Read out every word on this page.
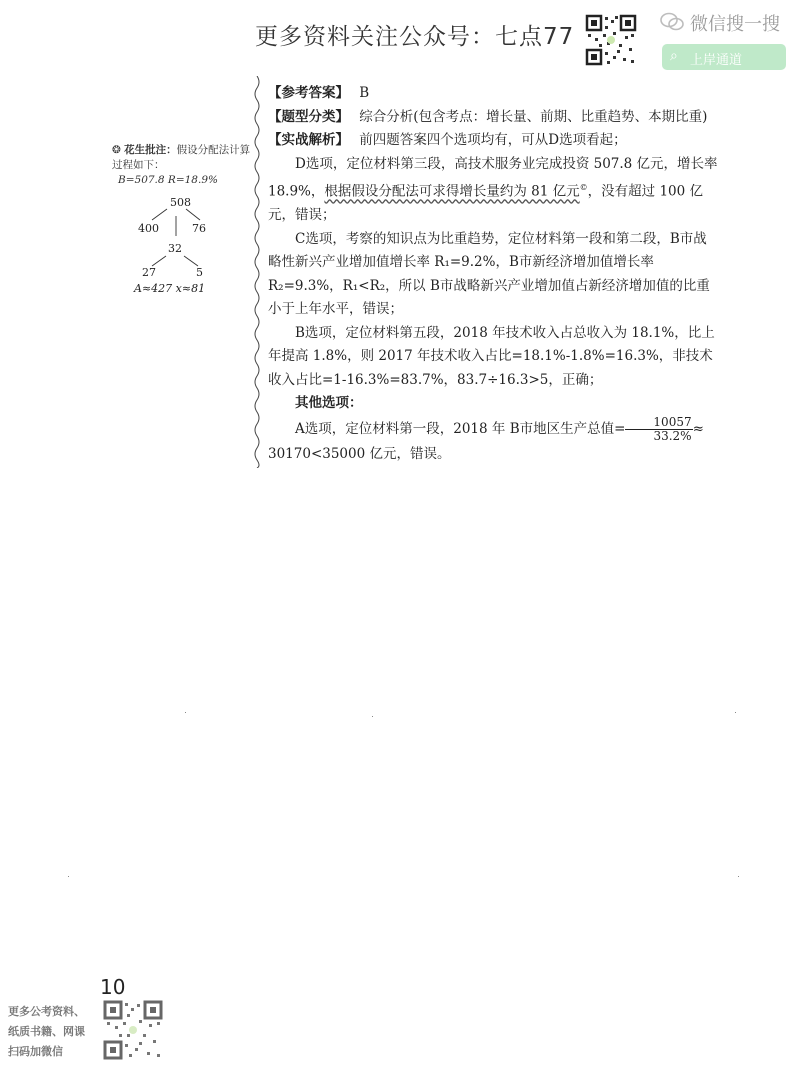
更多资料关注公众号：七点77	微信搜一搜
⌕ 上岸通道
❂ 花生批注：假设分配法计算过程如下：
B=507.8 R=18.9%
508
400	76
32
27	5
A≈427 x≈81

【参考答案】 B

【题型分类】 综合分析(包含考点：增长量、前期、比重趋势、本期比重)

【实战解析】 前四题答案四个选项均有，可从D选项看起；

D选项，定位材料第三段，高技术服务业完成投资 507.8 亿元，增长率 18.9%，根据假设分配法可求得增长量约为 81 亿元©，没有超过 100 亿元，错误；

C选项，考察的知识点为比重趋势，定位材料第一段和第二段，B市战略性新兴产业增加值增长率 R₁=9.2%，B市新经济增加值增长率 R₂=9.3%，R₁<R₂，所以 B市战略新兴产业增加值占新经济增加值的比重小于上年水平，错误；

B选项，定位材料第五段，2018 年技术收入占总收入为 18.1%，比上年提高 1.8%，则 2017 年技术收入占比=18.1%-1.8%=16.3%，非技术收入占比=1-16.3%=83.7%，83.7÷16.3>5，正确；

其他选项：

A选项，定位材料第一段，2018 年 B市地区生产总值= $\frac{10057}{33.2\%} \approx 30170<35000$ 亿元，错误。

10
更多公考资料、
纸质书籍、网课
扫码加微信
